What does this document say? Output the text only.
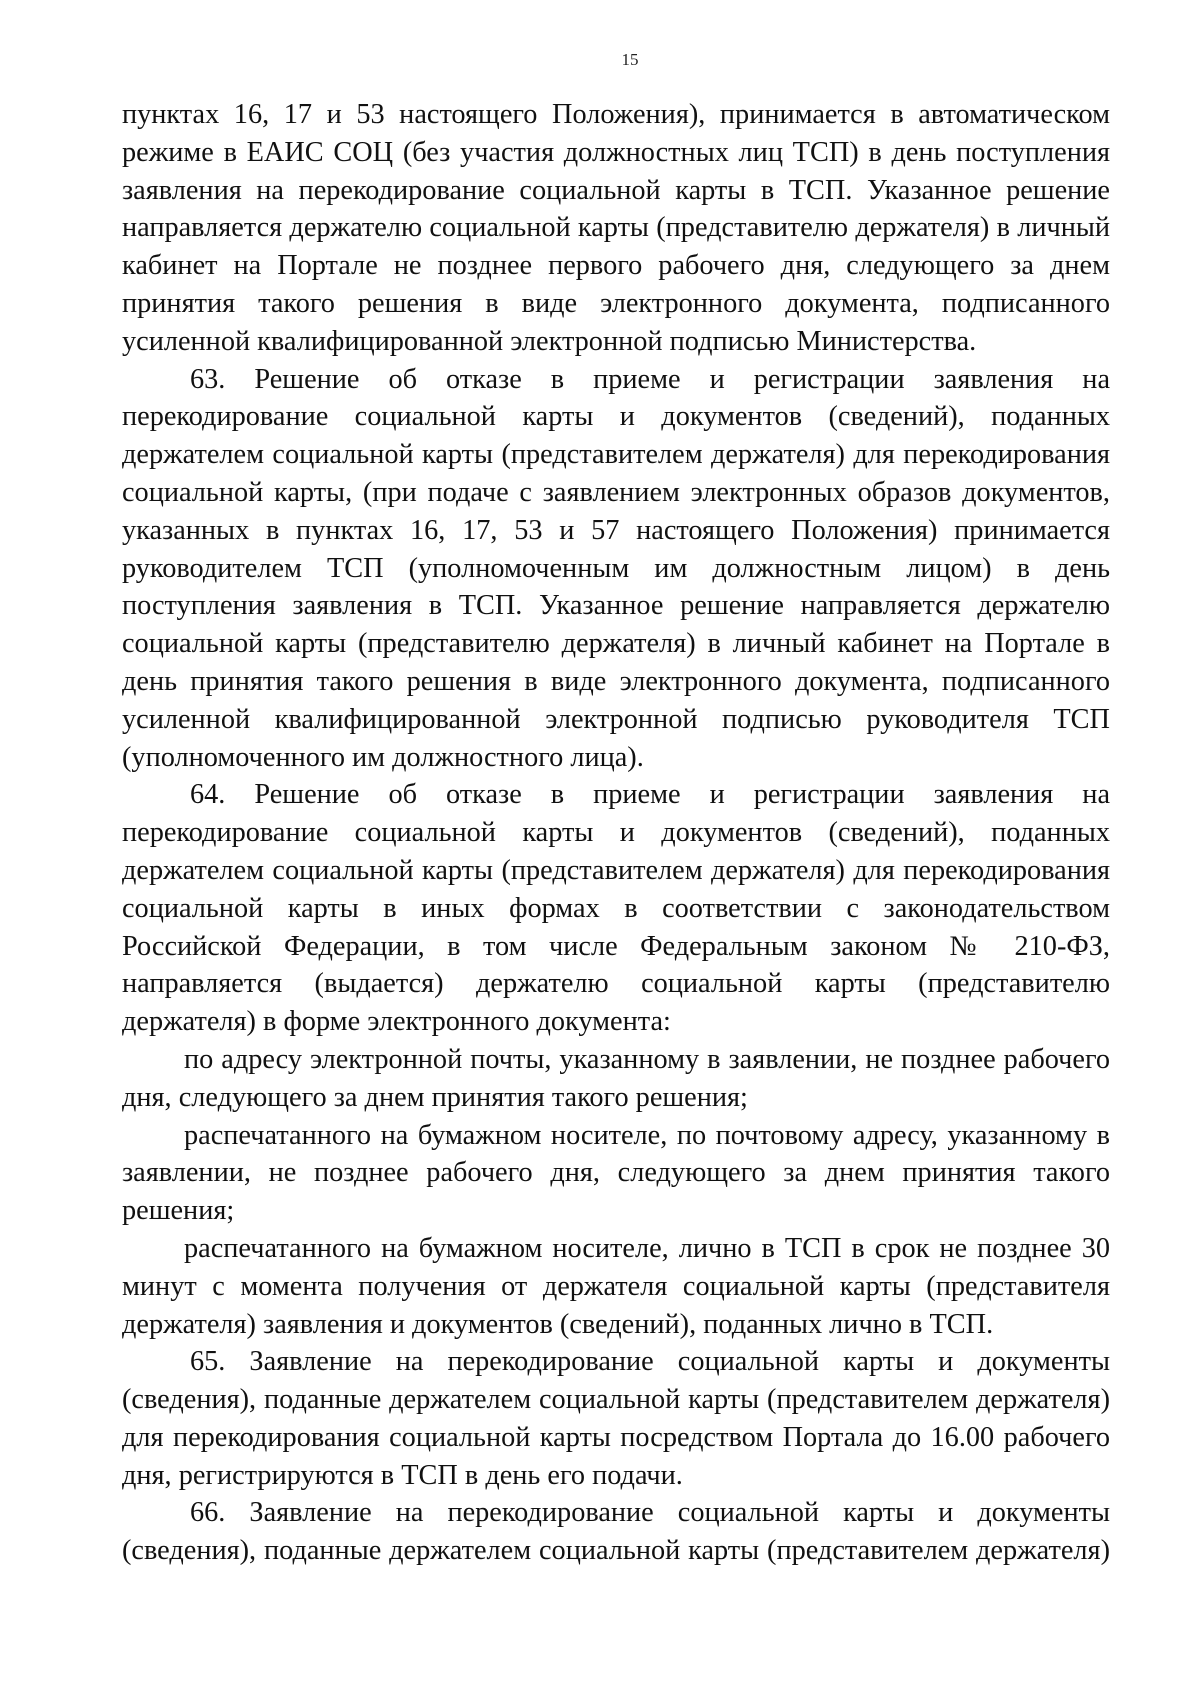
15

пунктах 16, 17 и 53 настоящего Положения), принимается в автоматическом режиме в ЕАИС СОЦ (без участия должностных лиц ТСП) в день поступления заявления на перекодирование социальной карты в ТСП. Указанное решение направляется держателю социальной карты (представителю держателя) в личный кабинет на Портале не позднее первого рабочего дня, следующего за днем принятия такого решения в виде электронного документа, подписанного усиленной квалифицированной электронной подписью Министерства.

63. Решение об отказе в приеме и регистрации заявления на перекодирование социальной карты и документов (сведений), поданных держателем социальной карты (представителем держателя) для перекодирования социальной карты, (при подаче с заявлением электронных образов документов, указанных в пунктах 16, 17, 53 и 57 настоящего Положения) принимается руководителем ТСП (уполномоченным им должностным лицом) в день поступления заявления в ТСП. Указанное решение направляется держателю социальной карты (представителю держателя) в личный кабинет на Портале в день принятия такого решения в виде электронного документа, подписанного усиленной квалифицированной электронной подписью руководителя ТСП (уполномоченного им должностного лица).

64. Решение об отказе в приеме и регистрации заявления на перекодирование социальной карты и документов (сведений), поданных держателем социальной карты (представителем держателя) для перекодирования социальной карты в иных формах в соответствии с законодательством Российской Федерации, в том числе Федеральным законом № 210-ФЗ, направляется (выдается) держателю социальной карты (представителю держателя) в форме электронного документа:

по адресу электронной почты, указанному в заявлении, не позднее рабочего дня, следующего за днем принятия такого решения;

распечатанного на бумажном носителе, по почтовому адресу, указанному в заявлении, не позднее рабочего дня, следующего за днем принятия такого решения;

распечатанного на бумажном носителе, лично в ТСП в срок не позднее 30 минут с момента получения от держателя социальной карты (представителя держателя) заявления и документов (сведений), поданных лично в ТСП.

65. Заявление на перекодирование социальной карты и документы (сведения), поданные держателем социальной карты (представителем держателя) для перекодирования социальной карты посредством Портала до 16.00 рабочего дня, регистрируются в ТСП в день его подачи.

66. Заявление на перекодирование социальной карты и документы (сведения), поданные держателем социальной карты (представителем держателя)
